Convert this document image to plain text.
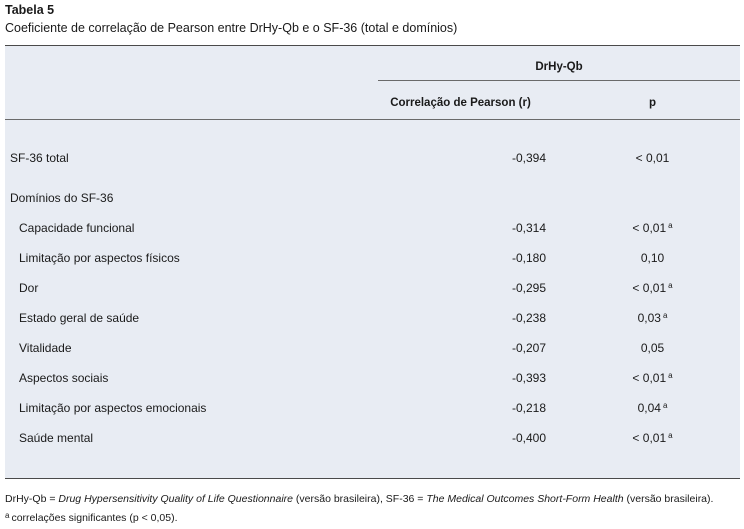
Tabela 5
Coeficiente de correlação de Pearson entre DrHy-Qb e o SF-36 (total e domínios)
DrHy-Qb
Correlação de Pearson (r)	p
SF-36 total	-0,394	< 0,01
Domínios do SF-36
Capacidade funcional	-0,314	< 0,01 $^a$
Limitação por aspectos físicos	-0,180	0,10
Dor	-0,295	< 0,01 $^a$
Estado geral de saúde	-0,238	0,03 $^a$
Vitalidade	-0,207	0,05
Aspectos sociais	-0,393	< 0,01 $^a$
Limitação por aspectos emocionais	-0,218	0,04 $^a$
Saúde mental	-0,400	< 0,01 $^a$
DrHy-Qb = Drug Hypersensitivity Quality of Life Questionnaire (versão brasileira), SF-36 = The Medical Outcomes Short-Form Health (versão brasileira).
$^a$ correlações significantes (p < 0,05).
